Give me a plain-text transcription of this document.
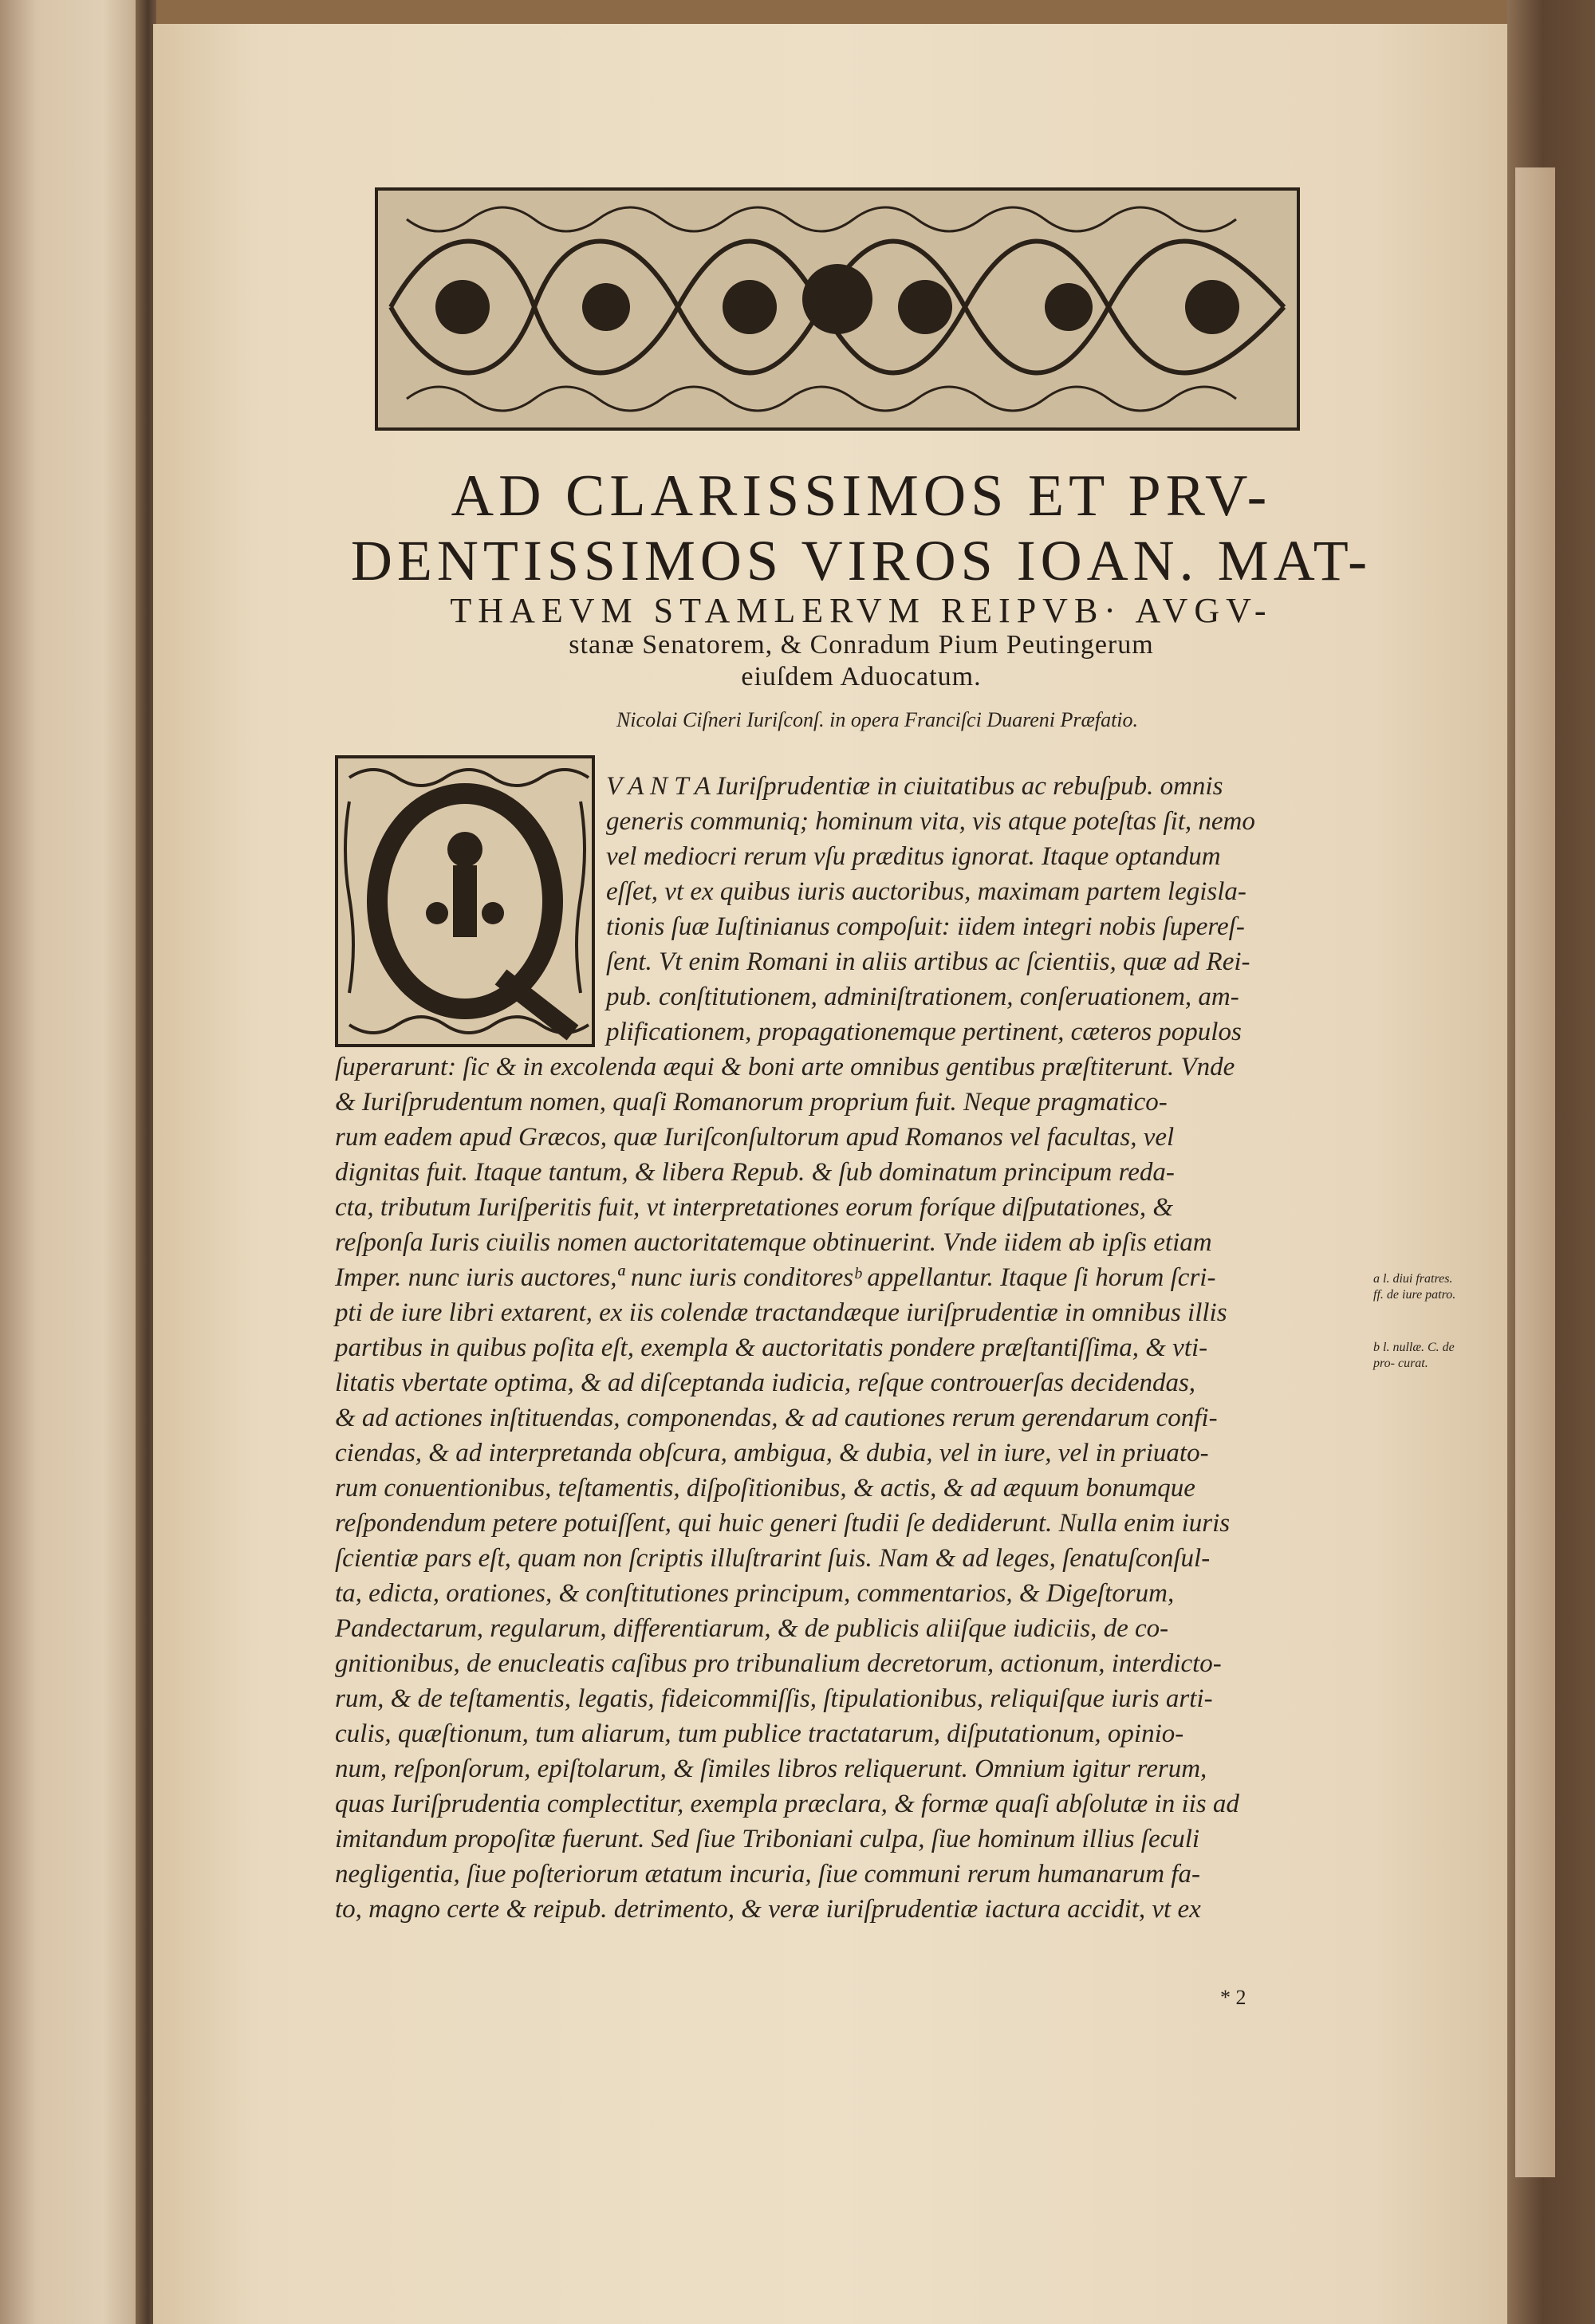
AD CLARISSIMOS ET PRV-
DENTISSIMOS VIROS IOAN. MAT-
THAEVM STAMLERVM REIPVB· AVGV-
stanæ Senatorem, & Conradum Pium Peutingerum
eiuſdem Aduocatum.
Nicolai Ciſneri Iuriſconſ. in opera Franciſci Duareni Præfatio.
V A N T A Iuriſprudentiæ in ciuitatibus ac rebuſpub. omnis
generis communiq; hominum vita, vis atque poteſtas ſit, nemo
vel mediocri rerum vſu præditus ignorat. Itaque optandum
eſſet, vt ex quibus iuris auctoribus, maximam partem legisla-
tionis ſuæ Iuſtinianus compoſuit: iidem integri nobis ſupereſ-
ſent. Vt enim Romani in aliis artibus ac ſcientiis, quæ ad Rei-
pub. conſtitutionem, adminiſtrationem, conſeruationem, am-
plificationem, propagationemque pertinent, cæteros populos
ſuperarunt: ſic & in excolenda æqui & boni arte omnibus gentibus præſtiterunt. Vnde
& Iuriſprudentum nomen, quaſi Romanorum proprium fuit. Neque pragmatico-
rum eadem apud Græcos, quæ Iuriſconſultorum apud Romanos vel facultas, vel
dignitas fuit. Itaque tantum, & libera Repub. & ſub dominatum principum reda-
cta, tributum Iuriſperitis fuit, vt interpretationes eorum foríque diſputationes, &
reſponſa Iuris ciuilis nomen auctoritatemque obtinuerint. Vnde iidem ab ipſis etiam
Imper. nunc iuris auctores,ª nunc iuris conditoresᵇ appellantur. Itaque ſi horum ſcri-
pti de iure libri extarent, ex iis colendæ tractandæque iuriſprudentiæ in omnibus illis
partibus in quibus poſita eſt, exempla & auctoritatis pondere præſtantiſſima, & vti-
litatis vbertate optima, & ad diſceptanda iudicia, reſque controuerſas decidendas,
& ad actiones inſtituendas, componendas, & ad cautiones rerum gerendarum confi-
ciendas, & ad interpretanda obſcura, ambigua, & dubia, vel in iure, vel in priuato-
rum conuentionibus, teſtamentis, diſpoſitionibus, & actis, & ad æquum bonumque
reſpondendum petere potuiſſent, qui huic generi ſtudii ſe dediderunt. Nulla enim iuris
ſcientiæ pars eſt, quam non ſcriptis illuſtrarint ſuis. Nam & ad leges, ſenatuſconſul-
ta, edicta, orationes, & conſtitutiones principum, commentarios, & Digeſtorum,
Pandectarum, regularum, differentiarum, & de publicis aliiſque iudiciis, de co-
gnitionibus, de enucleatis caſibus pro tribunalium decretorum, actionum, interdicto-
rum, & de teſtamentis, legatis, fideicommiſſis, ſtipulationibus, reliquiſque iuris arti-
culis, quæſtionum, tum aliarum, tum publice tractatarum, diſputationum, opinio-
num, reſponſorum, epiſtolarum, & ſimiles libros reliquerunt. Omnium igitur rerum,
quas Iuriſprudentia complectitur, exempla præclara, & formæ quaſi abſolutæ in iis ad
imitandum propoſitæ fuerunt. Sed ſiue Triboniani culpa, ſiue hominum illius ſeculi
negligentia, ſiue poſteriorum ætatum incuria, ſiue communi rerum humanarum fa-
to, magno certe & reipub. detrimento, & veræ iuriſprudentiæ iactura accidit, vt ex
a l. diui fratres. ff. de iure patro.
b l. nullæ. C. de pro- curat.
* 2
